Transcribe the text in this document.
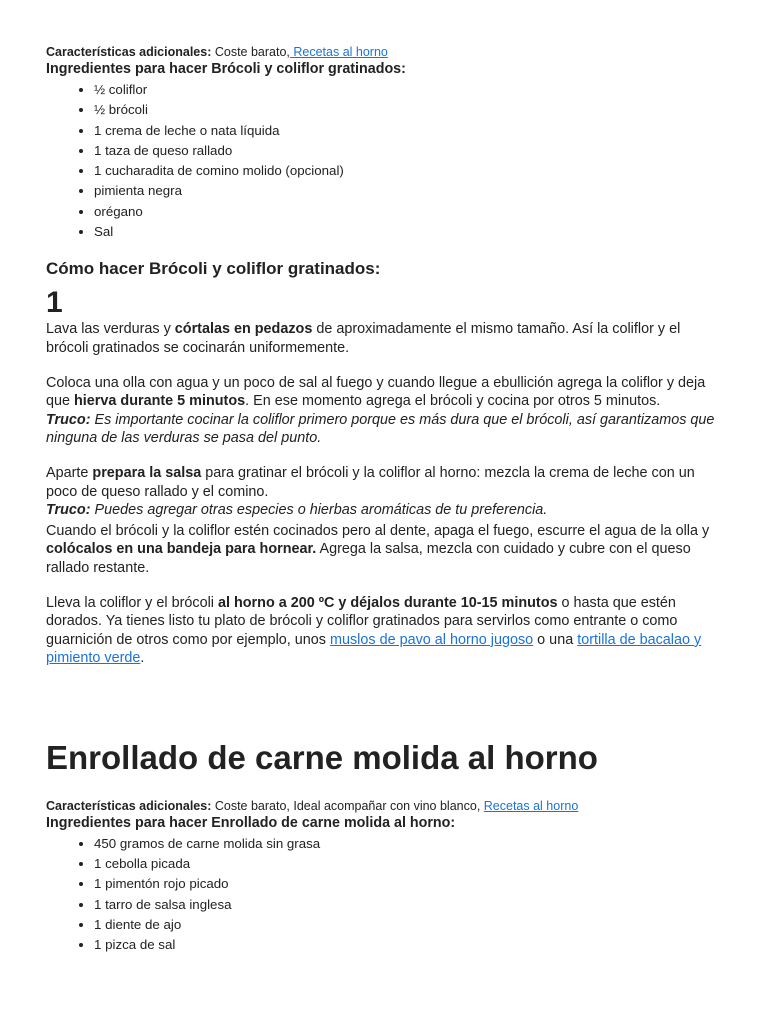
Características adicionales: Coste barato, Recetas al horno
Ingredientes para hacer Brócoli y coliflor gratinados:
• ½ coliflor
• ½ brócoli
• 1 crema de leche o nata líquida
• 1 taza de queso rallado
• 1 cucharadita de comino molido (opcional)
• pimienta negra
• orégano
• Sal
Cómo hacer Brócoli y coliflor gratinados:
1

Lava las verduras y córtalas en pedazos de aproximadamente el mismo tamaño. Así la coliflor y el brócoli gratinados se cocinarán uniformemente.

Coloca una olla con agua y un poco de sal al fuego y cuando llegue a ebullición agrega la coliflor y deja que hierva durante 5 minutos. En ese momento agrega el brócoli y cocina por otros 5 minutos.
Truco: Es importante cocinar la coliflor primero porque es más dura que el brócoli, así garantizamos que ninguna de las verduras se pasa del punto.

Aparte prepara la salsa para gratinar el brócoli y la coliflor al horno: mezcla la crema de leche con un poco de queso rallado y el comino.
Truco: Puedes agregar otras especies o hierbas aromáticas de tu preferencia.

Cuando el brócoli y la coliflor estén cocinados pero al dente, apaga el fuego, escurre el agua de la olla y colócalos en una bandeja para hornear. Agrega la salsa, mezcla con cuidado y cubre con el queso rallado restante.

Lleva la coliflor y el brócoli al horno a 200 ºC y déjalos durante 10-15 minutos o hasta que estén dorados. Ya tienes listo tu plato de brócoli y coliflor gratinados para servirlos como entrante o como guarnición de otros como por ejemplo, unos muslos de pavo al horno jugoso o una tortilla de bacalao y pimiento verde.

Enrollado de carne molida al horno
Características adicionales: Coste barato, Ideal acompañar con vino blanco, Recetas al horno
Ingredientes para hacer Enrollado de carne molida al horno:
• 450 gramos de carne molida sin grasa
• 1 cebolla picada
• 1 pimentón rojo picado
• 1 tarro de salsa inglesa
• 1 diente de ajo
• 1 pizca de sal
